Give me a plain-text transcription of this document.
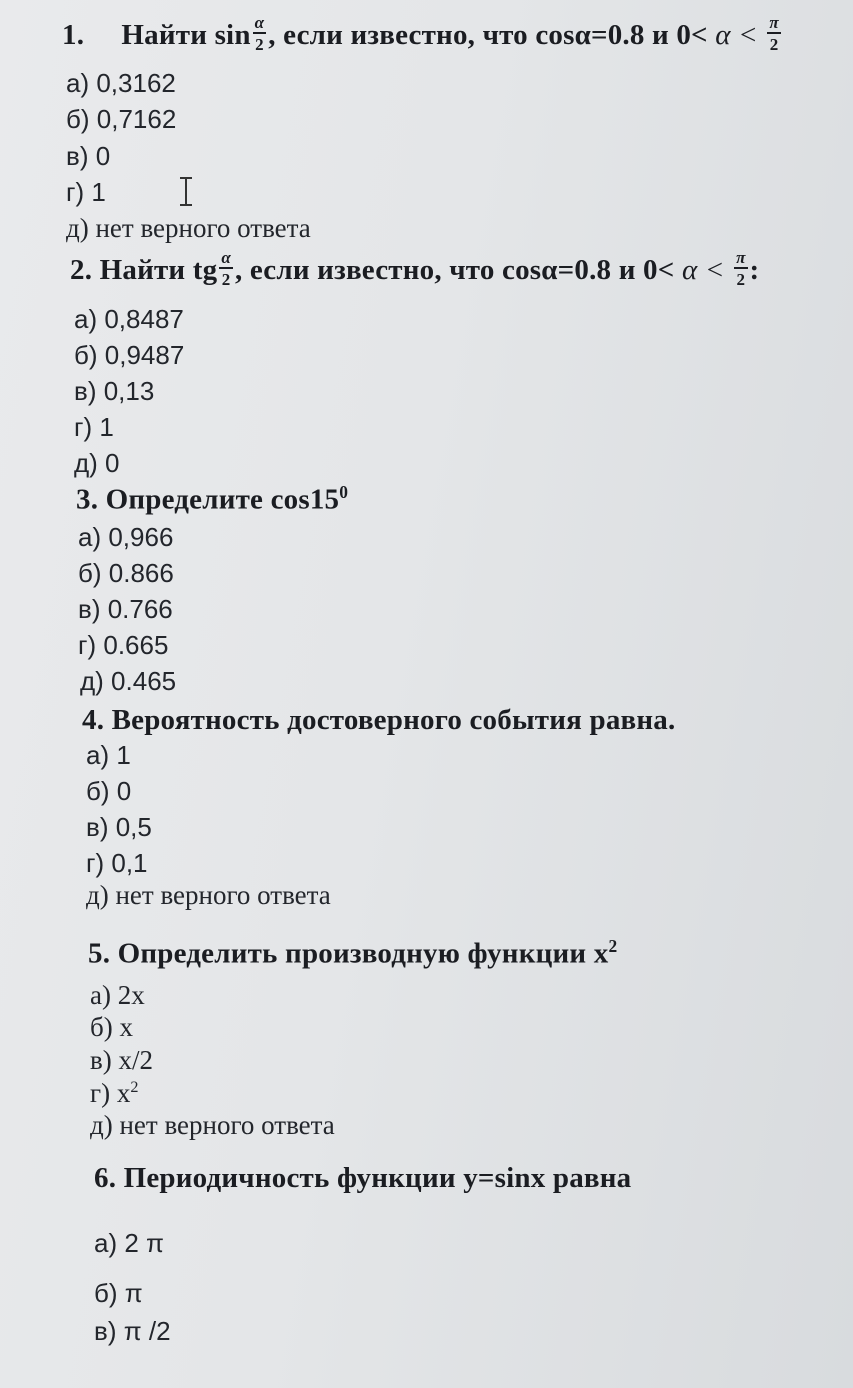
1. Найти $\sin \frac{\alpha}{2}$ , если известно, что cosα=0.8 и $0< \alpha < \frac{\pi}{2}$
а) 0,3162
б) 0,7162
в) 0
г) 1
д) нет верного ответа
2. Найти tg $\frac{\alpha}{2}$ , если известно, что cosα=0.8 и $0< \alpha < \frac{\pi}{2}$ :
а) 0,8487
б) 0,9487
в) 0,13
г) 1
д) 0
3. Определите $\cos 15^0$
а) 0,966
б) 0.866
в) 0.766
г) 0.665
д) 0.465
4. Вероятность достоверного события равна.
а) 1
б) 0
в) 0,5
г) 0,1
д) нет верного ответа
5. Определить производную функции $х^2$
а) 2х
б) х
в) х/2
г) $х^2$
д) нет верного ответа
6. Периодичность функции у=sinx равна
а) 2 π
б) π
в) π /2
